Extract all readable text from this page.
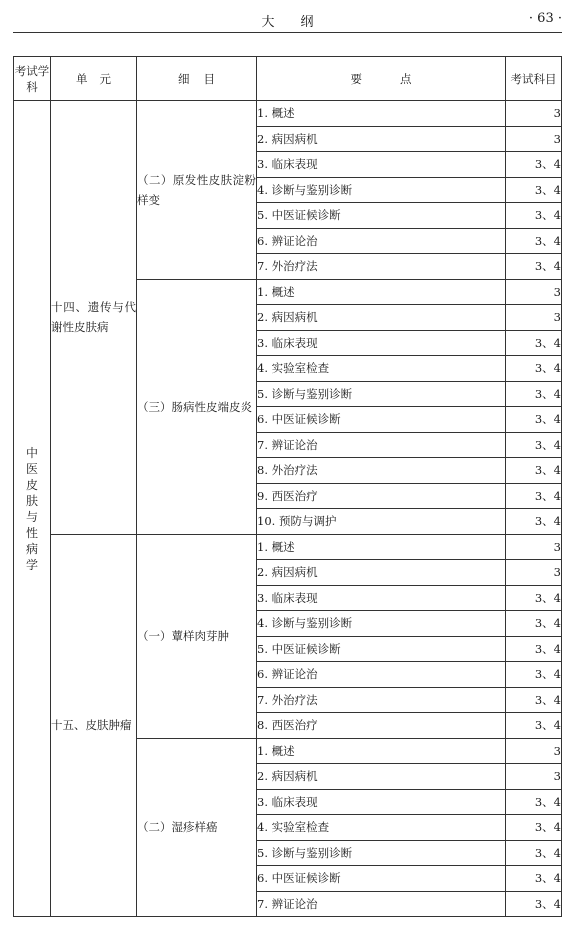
大纲	· 63 ·
考试学科	单元	细目	要点	考试科目
中医皮肤与性病学	十四、遗传与代谢性皮肤病	（二）原发性皮肤淀粉样变	1. 概述	3
			2. 病因病机	3
			3. 临床表现	3、4
			4. 诊断与鉴别诊断	3、4
			5. 中医证候诊断	3、4
			6. 辨证论治	3、4
			7. 外治疗法	3、4
		（三）肠病性皮端皮炎	1. 概述	3
			2. 病因病机	3
			3. 临床表现	3、4
			4. 实验室检查	3、4
			5. 诊断与鉴别诊断	3、4
			6. 中医证候诊断	3、4
			7. 辨证论治	3、4
			8. 外治疗法	3、4
			9. 西医治疗	3、4
			10. 预防与调护	3、4
	十五、皮肤肿瘤	（一）蕈样肉芽肿	1. 概述	3
			2. 病因病机	3
			3. 临床表现	3、4
			4. 诊断与鉴别诊断	3、4
			5. 中医证候诊断	3、4
			6. 辨证论治	3、4
			7. 外治疗法	3、4
			8. 西医治疗	3、4
		（二）湿疹样癌	1. 概述	3
			2. 病因病机	3
			3. 临床表现	3、4
			4. 实验室检查	3、4
			5. 诊断与鉴别诊断	3、4
			6. 中医证候诊断	3、4
			7. 辨证论治	3、4
